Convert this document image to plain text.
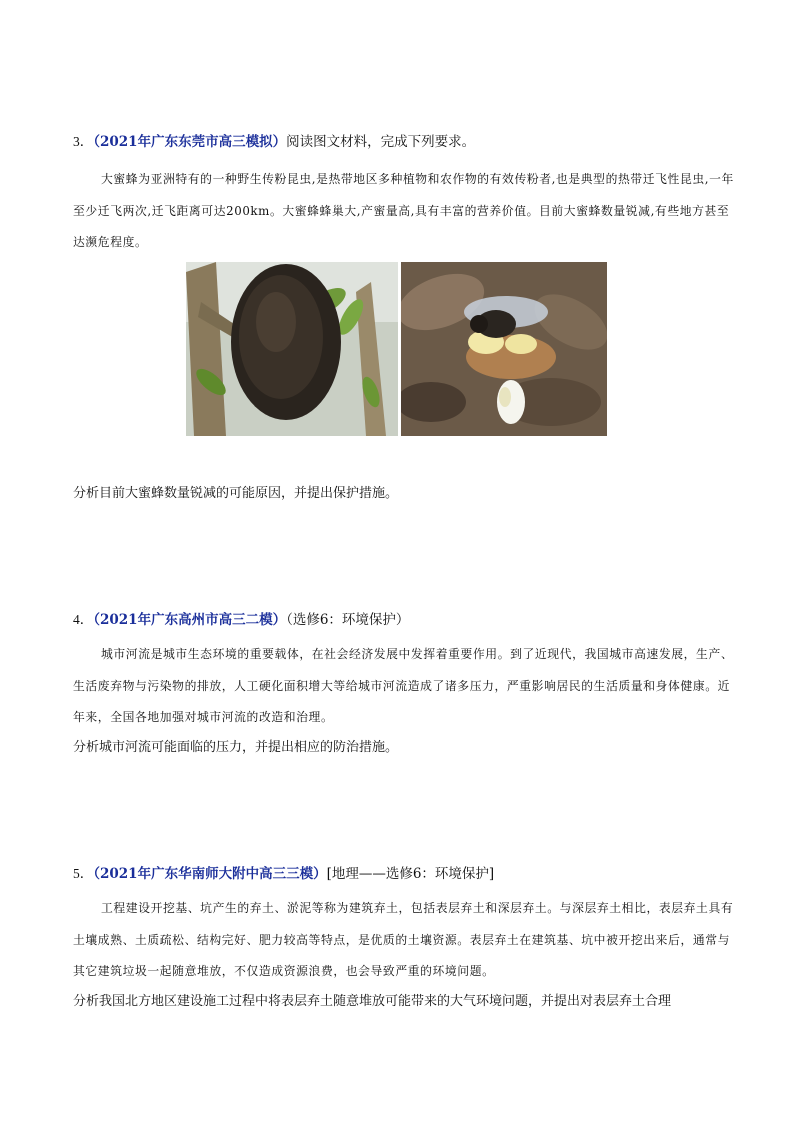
3．（2021年广东东莞市高三模拟）阅读图文材料，完成下列要求。
大蜜蜂为亚洲特有的一种野生传粉昆虫,是热带地区多种植物和农作物的有效传粉者,也是典型的热带迁飞性昆虫,一年至少迁飞两次,迁飞距离可达200km。大蜜蜂蜂巢大,产蜜量高,具有丰富的营养价值。目前大蜜蜂数量锐减,有些地方甚至达濒危程度。
分析目前大蜜蜂数量锐减的可能原因，并提出保护措施。
4．（2021年广东高州市高三二模）（选修6：环境保护）
城市河流是城市生态环境的重要载体，在社会经济发展中发挥着重要作用。到了近现代，我国城市高速发展，生产、生活废弃物与污染物的排放，人工硬化面积增大等给城市河流造成了诸多压力，严重影响居民的生活质量和身体健康。近年来，全国各地加强对城市河流的改造和治理。
分析城市河流可能面临的压力，并提出相应的防治措施。
5．（2021年广东华南师大附中高三三模）[地理——选修6：环境保护]
工程建设开挖基、坑产生的弃土、淤泥等称为建筑弃土，包括表层弃土和深层弃土。与深层弃土相比，表层弃土具有土壤成熟、土质疏松、结构完好、肥力较高等特点，是优质的土壤资源。表层弃土在建筑基、坑中被开挖出来后，通常与其它建筑垃圾一起随意堆放，不仅造成资源浪费，也会导致严重的环境问题。
分析我国北方地区建设施工过程中将表层弃土随意堆放可能带来的大气环境问题，并提出对表层弃土合理
